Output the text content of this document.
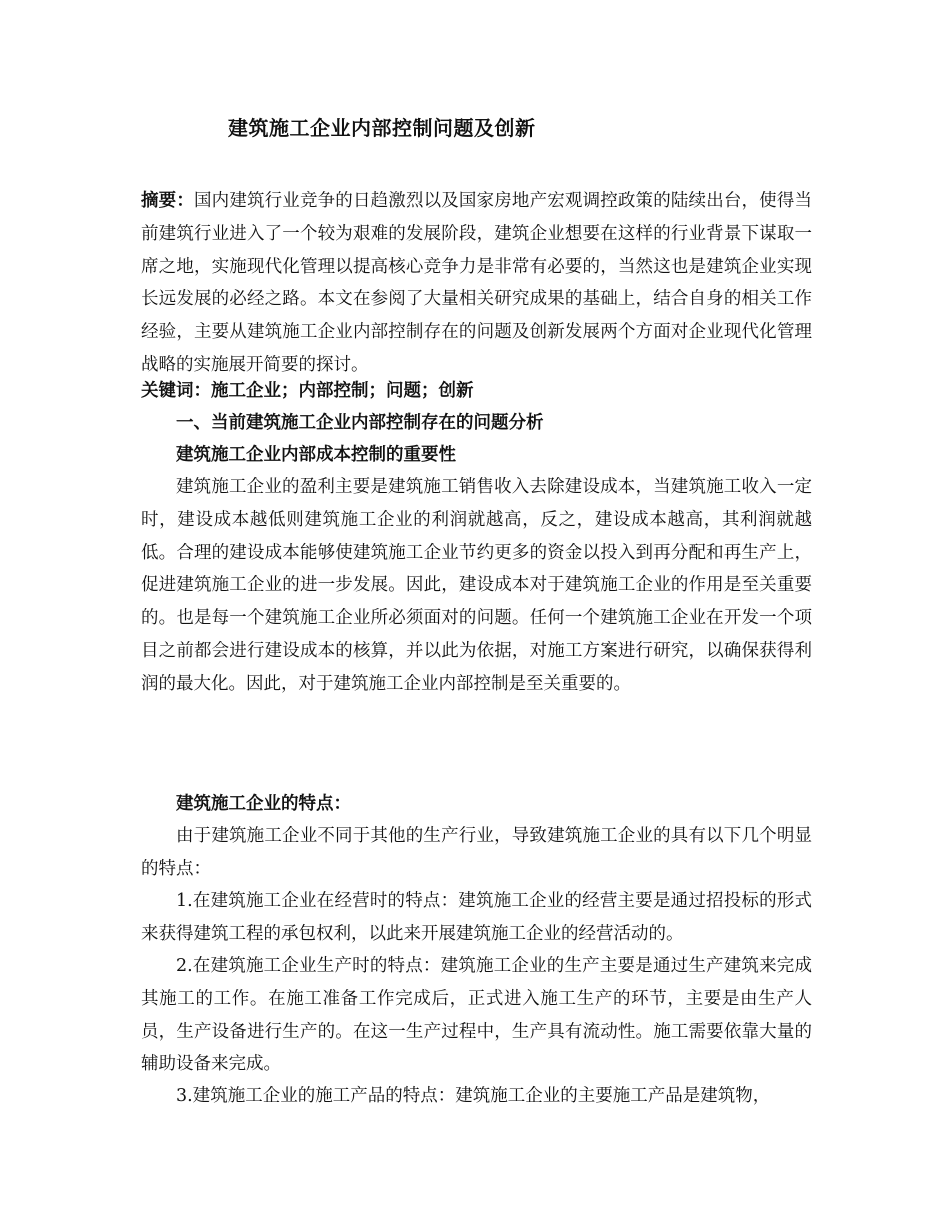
建筑施工企业内部控制问题及创新
摘要：国内建筑行业竞争的日趋激烈以及国家房地产宏观调控政策的陆续出台，使得当前建筑行业进入了一个较为艰难的发展阶段，建筑企业想要在这样的行业背景下谋取一席之地，实施现代化管理以提高核心竞争力是非常有必要的，当然这也是建筑企业实现长远发展的必经之路。本文在参阅了大量相关研究成果的基础上，结合自身的相关工作经验，主要从建筑施工企业内部控制存在的问题及创新发展两个方面对企业现代化管理战略的实施展开简要的探讨。
关键词：施工企业；内部控制；问题；创新
一、当前建筑施工企业内部控制存在的问题分析
建筑施工企业内部成本控制的重要性
建筑施工企业的盈利主要是建筑施工销售收入去除建设成本，当建筑施工收入一定时，建设成本越低则建筑施工企业的利润就越高，反之，建设成本越高，其利润就越低。合理的建设成本能够使建筑施工企业节约更多的资金以投入到再分配和再生产上，促进建筑施工企业的进一步发展。因此，建设成本对于建筑施工企业的作用是至关重要的。也是每一个建筑施工企业所必须面对的问题。任何一个建筑施工企业在开发一个项目之前都会进行建设成本的核算，并以此为依据，对施工方案进行研究，以确保获得利润的最大化。因此，对于建筑施工企业内部控制是至关重要的。
建筑施工企业的特点：
由于建筑施工企业不同于其他的生产行业，导致建筑施工企业的具有以下几个明显的特点：
1.在建筑施工企业在经营时的特点：建筑施工企业的经营主要是通过招投标的形式来获得建筑工程的承包权利，以此来开展建筑施工企业的经营活动的。
2.在建筑施工企业生产时的特点：建筑施工企业的生产主要是通过生产建筑来完成其施工的工作。在施工准备工作完成后，正式进入施工生产的环节，主要是由生产人员，生产设备进行生产的。在这一生产过程中，生产具有流动性。施工需要依靠大量的辅助设备来完成。
3.建筑施工企业的施工产品的特点：建筑施工企业的主要施工产品是建筑物，
